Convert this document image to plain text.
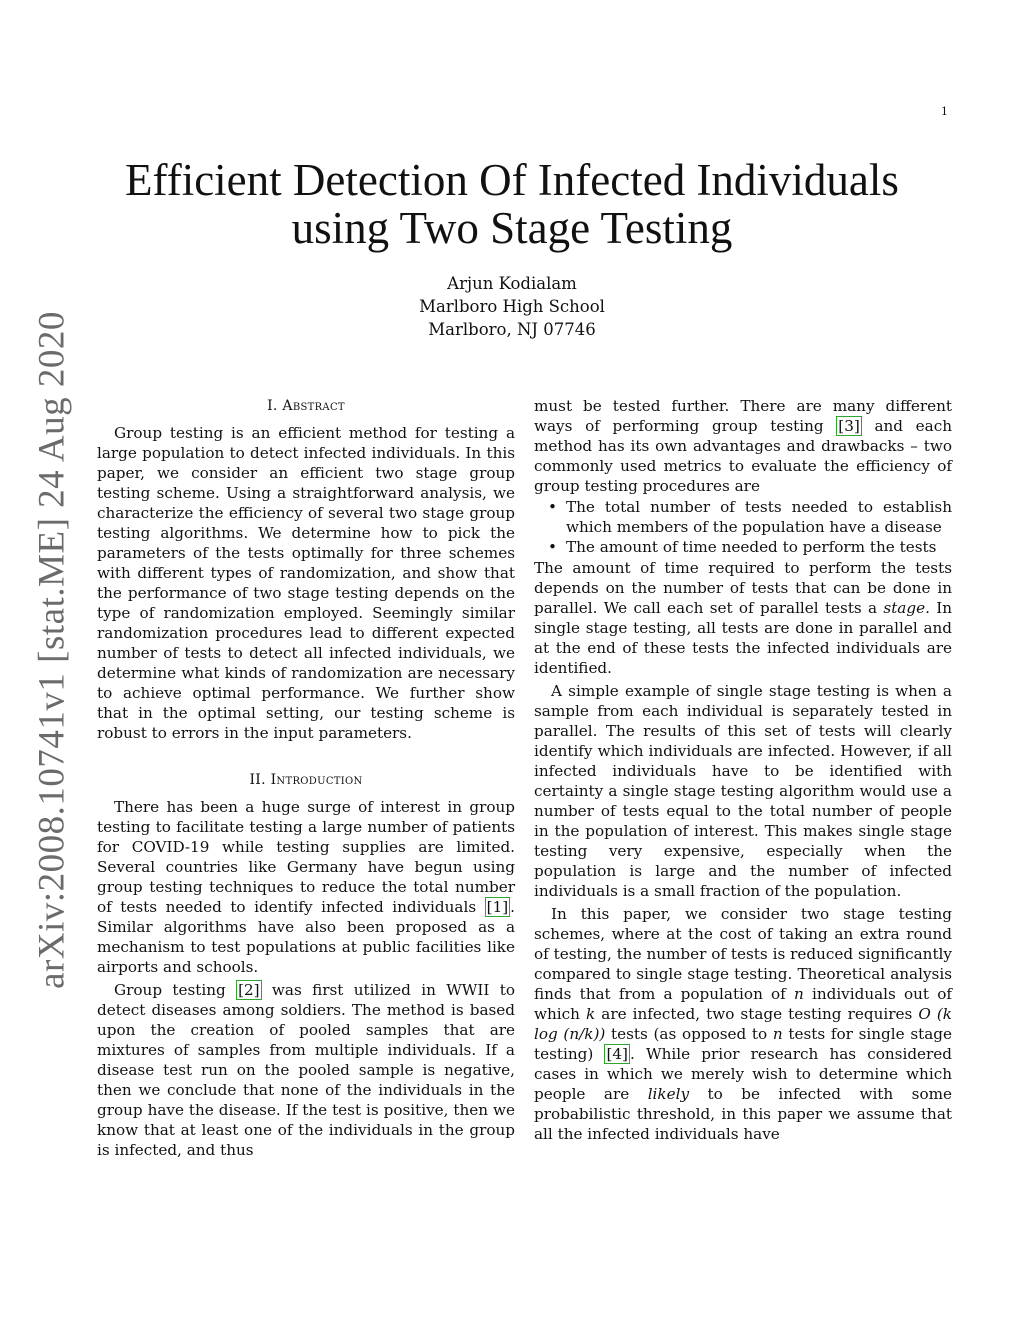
1
arXiv:2008.10741v1 [stat.ME] 24 Aug 2020
Efficient Detection Of Infected Individuals
using Two Stage Testing
Arjun Kodialam
Marlboro High School
Marlboro, NJ 07746
I. Abstract

Group testing is an efficient method for testing a large population to detect infected individuals. In this paper, we consider an efficient two stage group testing scheme. Using a straightforward analysis, we characterize the efficiency of several two stage group testing algorithms. We determine how to pick the parameters of the tests optimally for three schemes with different types of randomization, and show that the performance of two stage testing depends on the type of randomization employed. Seemingly similar randomization procedures lead to different expected number of tests to detect all infected individuals, we determine what kinds of randomization are necessary to achieve optimal performance. We further show that in the optimal setting, our testing scheme is robust to errors in the input parameters.

II. Introduction

There has been a huge surge of interest in group testing to facilitate testing a large number of patients for COVID-19 while testing supplies are limited. Several countries like Germany have begun using group testing techniques to reduce the total number of tests needed to identify infected individuals [1] . Similar algorithms have also been proposed as a mechanism to test populations at public facilities like airports and schools.

Group testing [2] was first utilized in WWII to detect diseases among soldiers. The method is based upon the creation of pooled samples that are mixtures of samples from multiple individuals. If a disease test run on the pooled sample is negative, then we conclude that none of the individuals in the group have the disease. If the test is positive, then we know that at least one of the individuals in the group is infected, and thus

must be tested further. There are many different ways of performing group testing [3] and each method has its own advantages and drawbacks – two commonly used metrics to evaluate the efficiency of group testing procedures are

• The total number of tests needed to establish which members of the population have a disease
• The amount of time needed to perform the tests

The amount of time required to perform the tests depends on the number of tests that can be done in parallel. We call each set of parallel tests a stage. In single stage testing, all tests are done in parallel and at the end of these tests the infected individuals are identified.

A simple example of single stage testing is when a sample from each individual is separately tested in parallel. The results of this set of tests will clearly identify which individuals are infected. However, if all infected individuals have to be identified with certainty a single stage testing algorithm would use a number of tests equal to the total number of people in the population of interest. This makes single stage testing very expensive, especially when the population is large and the number of infected individuals is a small fraction of the population.

In this paper, we consider two stage testing schemes, where at the cost of taking an extra round of testing, the number of tests is reduced significantly compared to single stage testing. Theoretical analysis finds that from a population of n individuals out of which k are infected, two stage testing requires O (k log (n/k)) tests (as opposed to n tests for single stage testing) [4] . While prior research has considered cases in which we merely wish to determine which people are likely to be infected with some probabilistic threshold, in this paper we assume that all the infected individuals have
